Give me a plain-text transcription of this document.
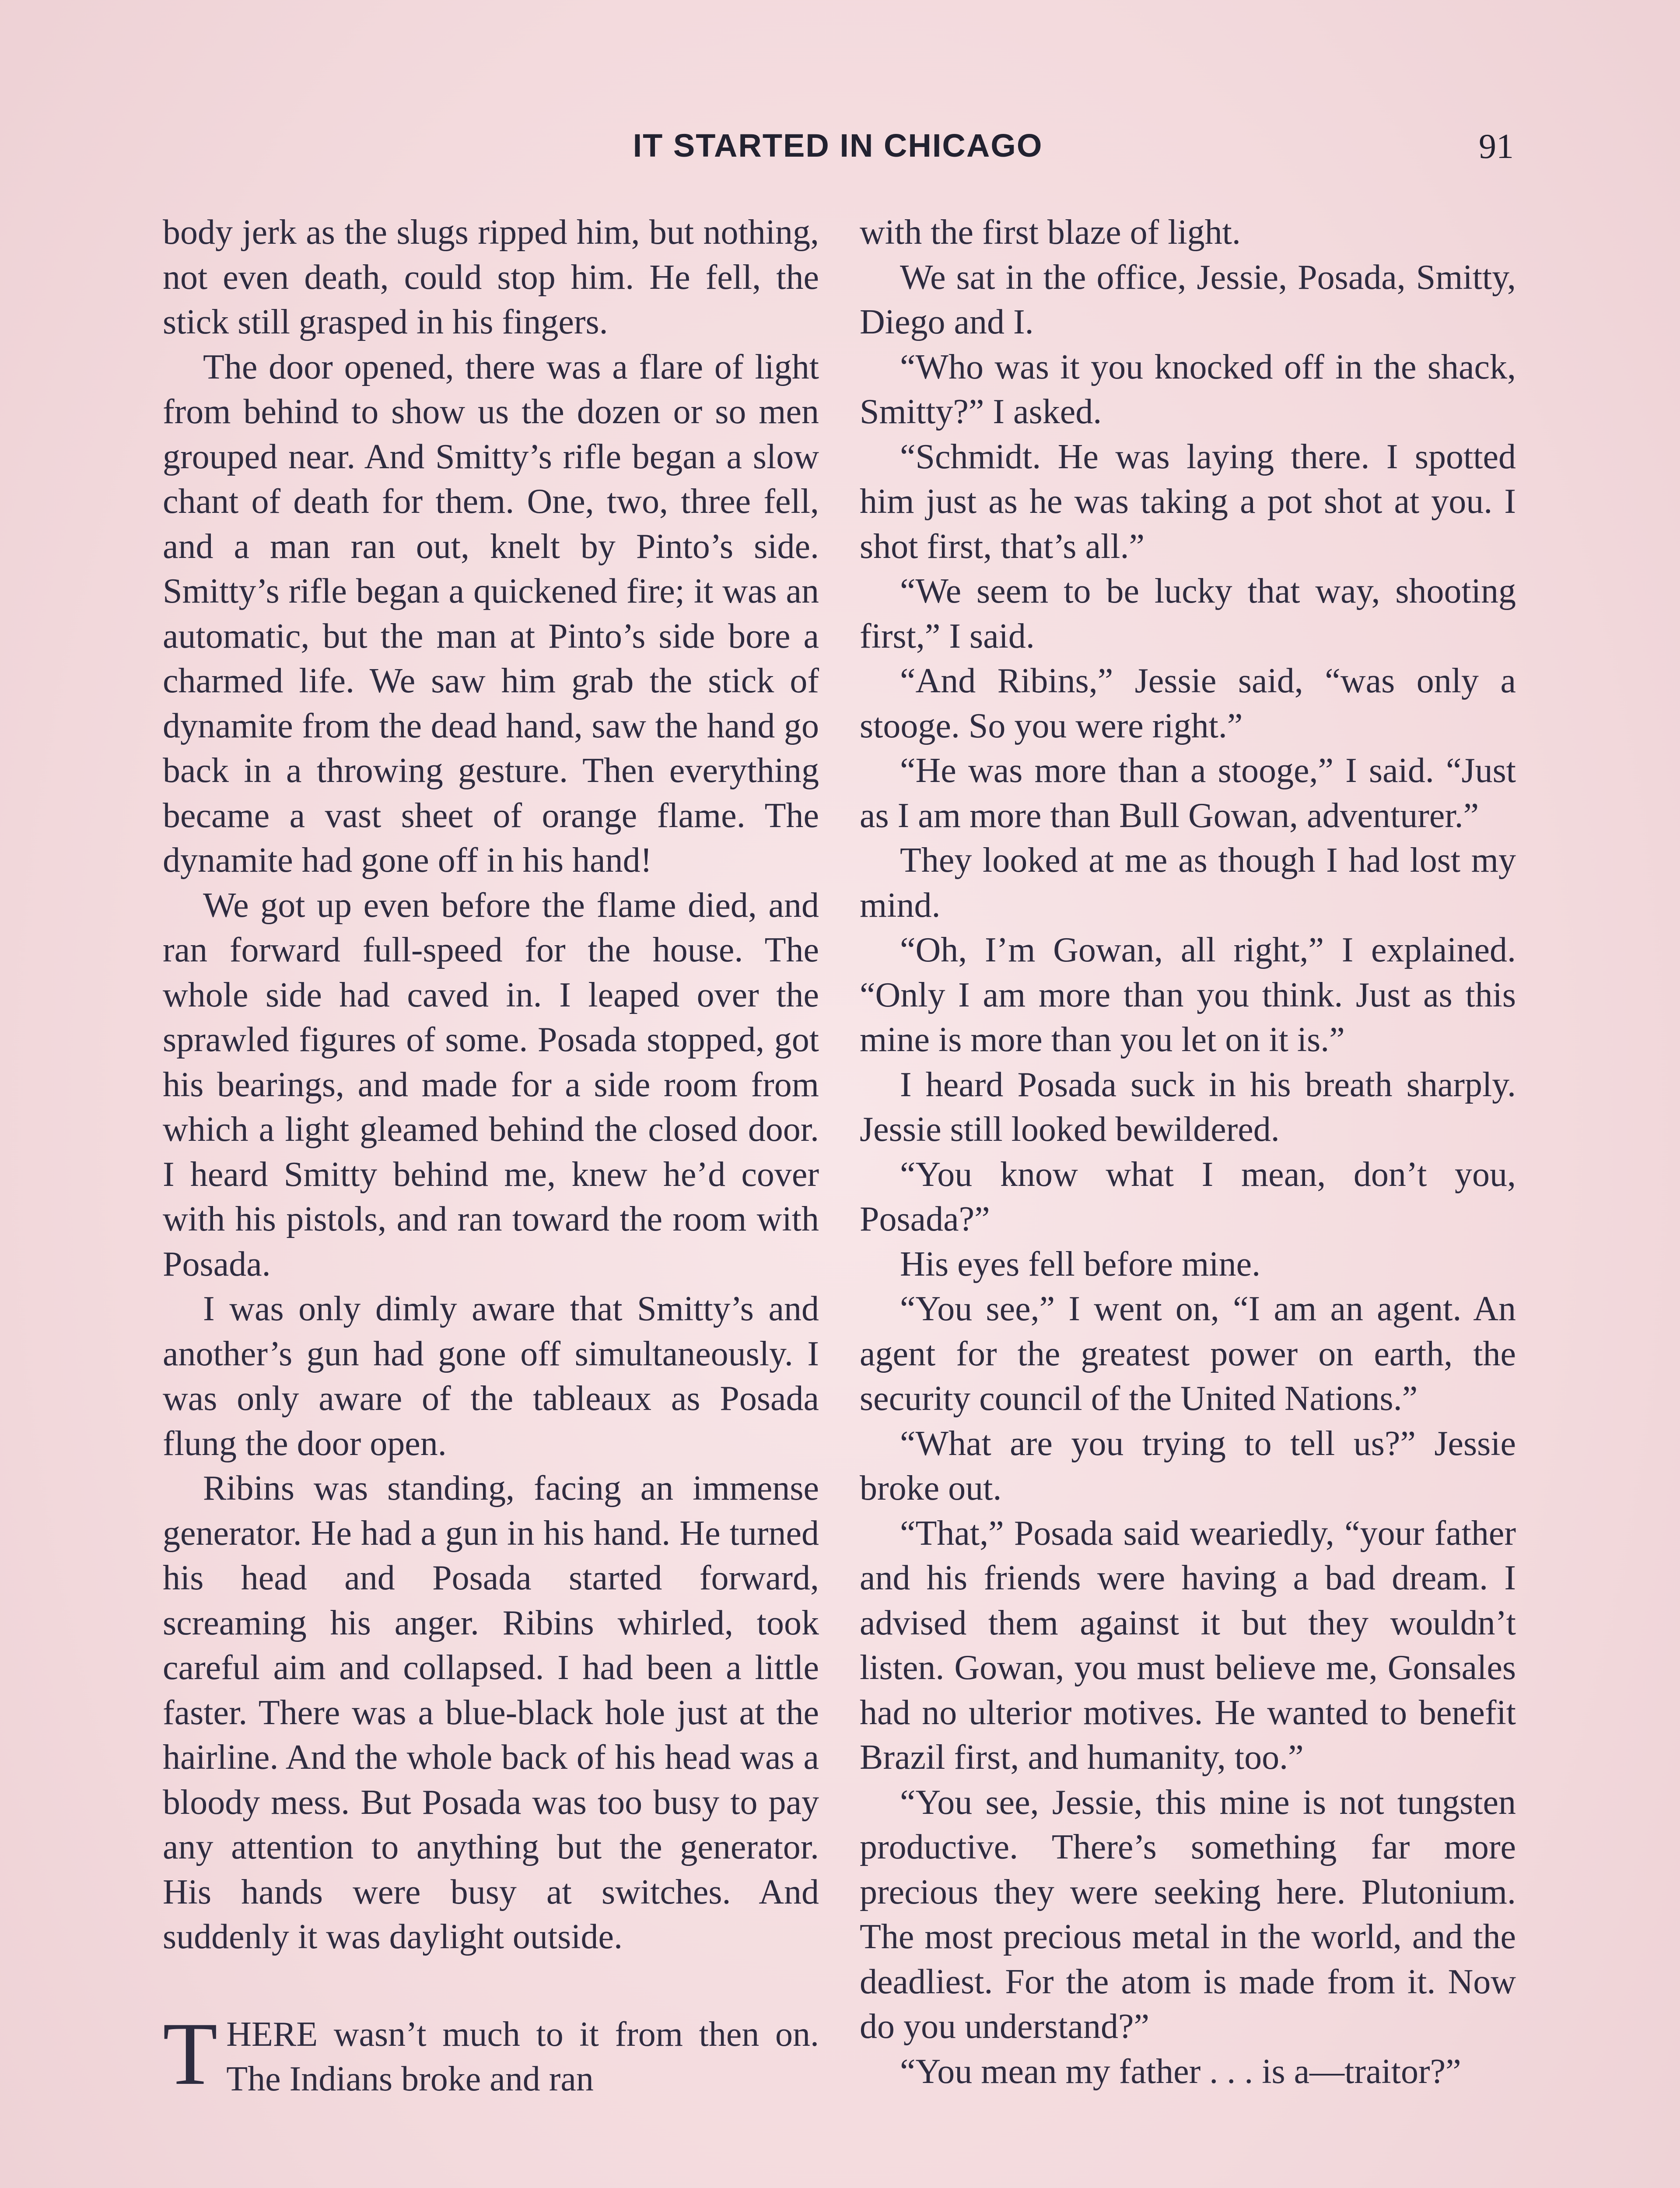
IT STARTED IN CHICAGO	91

body jerk as the slugs ripped him, but nothing, not even death, could stop him. He fell, the stick still grasped in his fingers.

The door opened, there was a flare of light from behind to show us the dozen or so men grouped near. And Smitty’s rifle began a slow chant of death for them. One, two, three fell, and a man ran out, knelt by Pinto’s side. Smitty’s rifle began a quickened fire; it was an automatic, but the man at Pinto’s side bore a charmed life. We saw him grab the stick of dynamite from the dead hand, saw the hand go back in a throwing gesture. Then everything became a vast sheet of orange flame. The dynamite had gone off in his hand!

We got up even before the flame died, and ran forward full-speed for the house. The whole side had caved in. I leaped over the sprawled figures of some. Posada stopped, got his bearings, and made for a side room from which a light gleamed behind the closed door. I heard Smitty behind me, knew he’d cover with his pistols, and ran toward the room with Posada.

I was only dimly aware that Smitty’s and another’s gun had gone off simultaneously. I was only aware of the tableaux as Posada flung the door open.

Ribins was standing, facing an immense generator. He had a gun in his hand. He turned his head and Posada started forward, screaming his anger. Ribins whirled, took careful aim and collapsed. I had been a little faster. There was a blue-black hole just at the hairline. And the whole back of his head was a bloody mess. But Posada was too busy to pay any attention to anything but the generator. His hands were busy at switches. And suddenly it was daylight outside.

THERE wasn’t much to it from then on. The Indians broke and ran

with the first blaze of light.

We sat in the office, Jessie, Posada, Smitty, Diego and I.

“Who was it you knocked off in the shack, Smitty?” I asked.

“Schmidt. He was laying there. I spotted him just as he was taking a pot shot at you. I shot first, that’s all.”

“We seem to be lucky that way, shooting first,” I said.

“And Ribins,” Jessie said, “was only a stooge. So you were right.”

“He was more than a stooge,” I said. “Just as I am more than Bull Gowan, adventurer.”

They looked at me as though I had lost my mind.

“Oh, I’m Gowan, all right,” I explained. “Only I am more than you think. Just as this mine is more than you let on it is.”

I heard Posada suck in his breath sharply. Jessie still looked bewildered.

“You know what I mean, don’t you, Posada?”

His eyes fell before mine.

“You see,” I went on, “I am an agent. An agent for the greatest power on earth, the security council of the United Nations.”

“What are you trying to tell us?” Jessie broke out.

“That,” Posada said weariedly, “your father and his friends were having a bad dream. I advised them against it but they wouldn’t listen. Gowan, you must believe me, Gonsales had no ulterior motives. He wanted to benefit Brazil first, and humanity, too.”

“You see, Jessie, this mine is not tungsten productive. There’s something far more precious they were seeking here. Plutonium. The most precious metal in the world, and the deadliest. For the atom is made from it. Now do you understand?”

“You mean my father . . . is a—traitor?”
